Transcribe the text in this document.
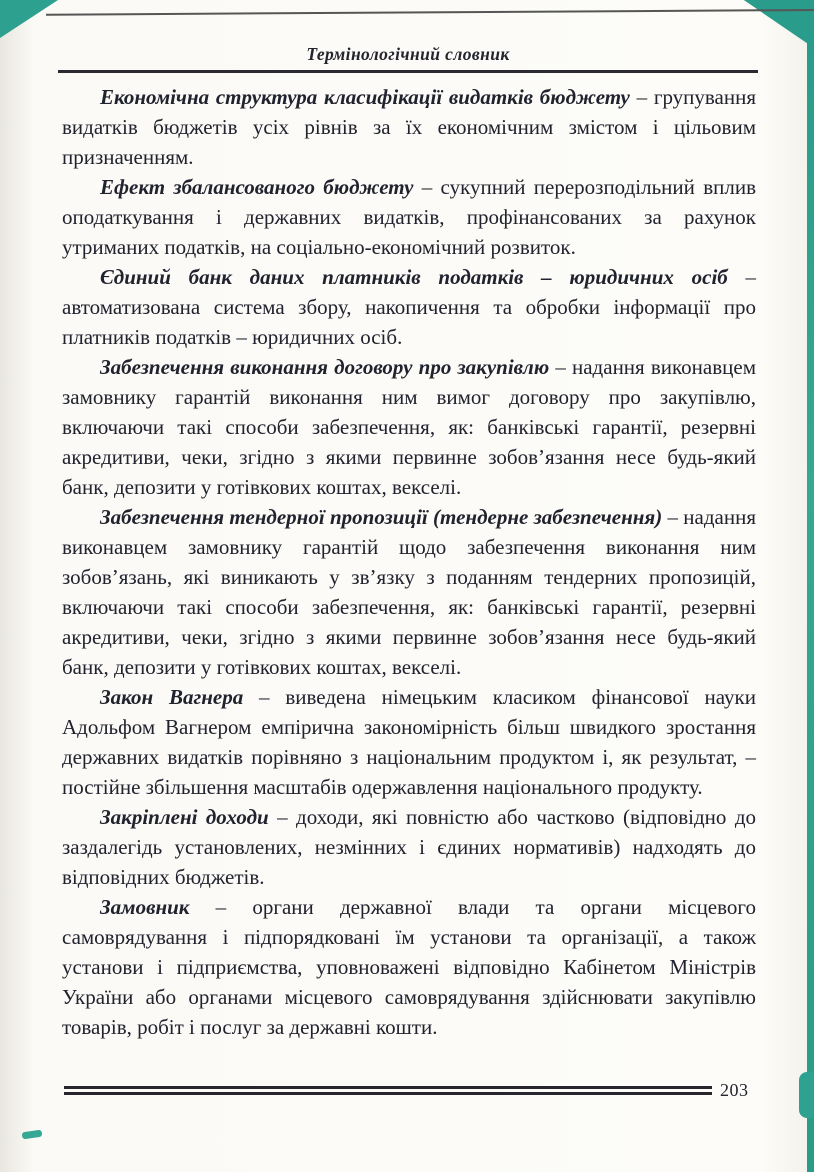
Термінологічний словник

Економічна структура класифікації видатків бюджету – групування видатків бюджетів усіх рівнів за їх економічним змістом і цільовим призначенням.

Ефект збалансованого бюджету – сукупний перерозподільний вплив оподаткування і державних видатків, профінансованих за рахунок утриманих податків, на соціально-економічний розвиток.

Єдиний банк даних платників податків – юридичних осіб – автоматизована система збору, накопичення та обробки інформації про платників податків – юридичних осіб.

Забезпечення виконання договору про закупівлю – надання виконавцем замовнику гарантій виконання ним вимог договору про закупівлю, включаючи такі способи забезпечення, як: банківські гарантії, резервні акредитиви, чеки, згідно з якими первинне зобов’язання несе будь-який банк, депозити у готівкових коштах, векселі.

Забезпечення тендерної пропозиції (тендерне забезпечення) – надання виконавцем замовнику гарантій щодо забезпечення виконання ним зобов’язань, які виникають у зв’язку з поданням тендерних пропозицій, включаючи такі способи забезпечення, як: банківські гарантії, резервні акредитиви, чеки, згідно з якими первинне зобов’язання несе будь-який банк, депозити у готівкових коштах, векселі.

Закон Вагнера – виведена німецьким класиком фінансової науки Адольфом Вагнером емпірична закономірність більш швидкого зростання державних видатків порівняно з національним продуктом і, як результат, – постійне збільшення масштабів одержавлення національного продукту.

Закріплені доходи – доходи, які повністю або частково (відповідно до заздалегідь установлених, незмінних і єдиних нормативів) надходять до відповідних бюджетів.

Замовник – органи державної влади та органи місцевого самоврядування і підпорядковані їм установи та організації, а також установи і підприємства, уповноважені відповідно Кабінетом Міністрів України або органами місцевого самоврядування здійснювати закупівлю товарів, робіт і послуг за державні кошти.

203
